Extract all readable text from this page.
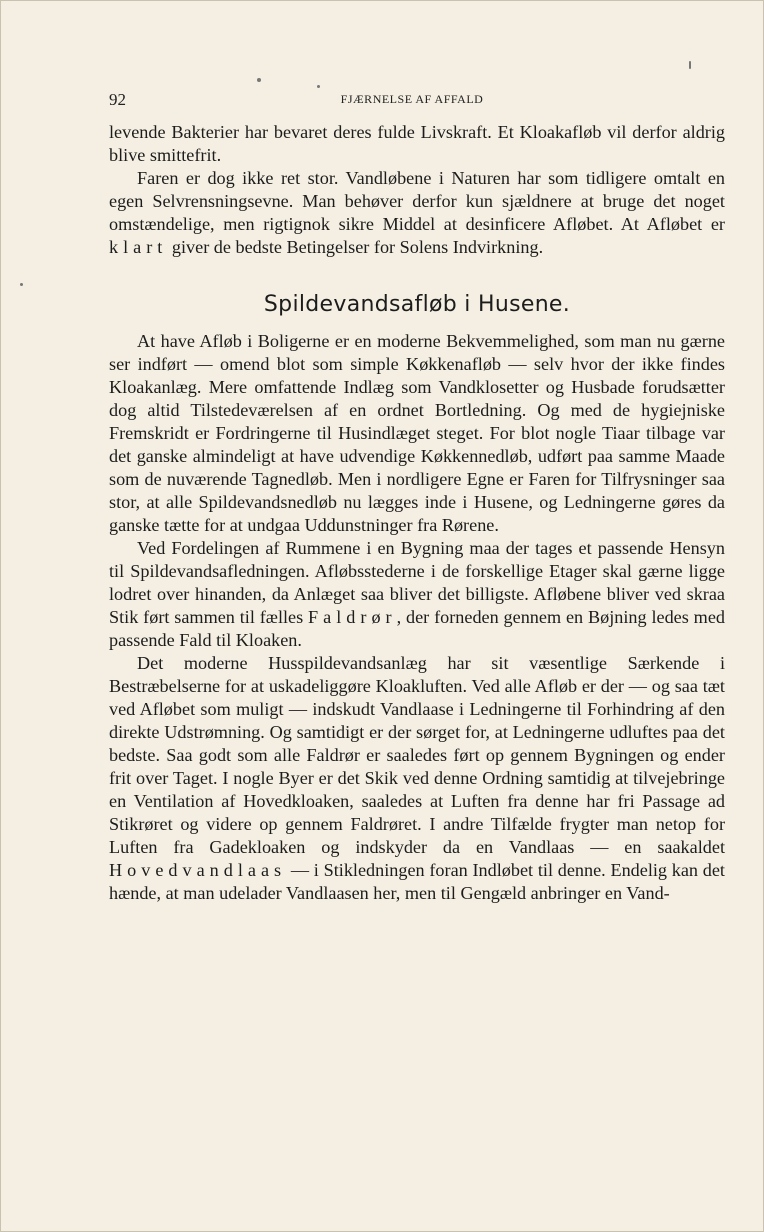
92	FJÆRNELSE AF AFFALD

levende Bakterier har bevaret deres fulde Livskraft. Et Kloakafløb vil derfor aldrig blive smittefrit.

Faren er dog ikke ret stor. Vandløbene i Naturen har som tidligere omtalt en egen Selvrensningsevne. Man behøver derfor kun sjældnere at bruge det noget omstændelige, men rigtignok sikre Middel at desinficere Afløbet. At Afløbet er klart giver de bedste Betingelser for Solens Indvirkning.

Spildevandsafløb i Husene.

At have Afløb i Boligerne er en moderne Bekvemmelighed, som man nu gærne ser indført — omend blot som simple Køkkenafløb — selv hvor der ikke findes Kloakanlæg. Mere omfattende Indlæg som Vandklosetter og Husbade forudsætter dog altid Tilstedeværelsen af en ordnet Bortledning. Og med de hygiejniske Fremskridt er Fordringerne til Husindlæget steget. For blot nogle Tiaar tilbage var det ganske almindeligt at have udvendige Køkkennedløb, udført paa samme Maade som de nuværende Tagnedløb. Men i nordligere Egne er Faren for Tilfrysninger saa stor, at alle Spildevandsnedløb nu lægges inde i Husene, og Ledningerne gøres da ganske tætte for at undgaa Uddunstninger fra Rørene.

Ved Fordelingen af Rummene i en Bygning maa der tages et passende Hensyn til Spildevandsafledningen. Afløbsstederne i de forskellige Etager skal gærne ligge lodret over hinanden, da Anlæget saa bliver det billigste. Afløbene bliver ved skraa Stik ført sammen til fælles Faldrør, der forneden gennem en Bøjning ledes med passende Fald til Kloaken.

Det moderne Husspildevandsanlæg har sit væsentlige Særkende i Bestræbelserne for at uskadeliggøre Kloakluften. Ved alle Afløb er der — og saa tæt ved Afløbet som muligt — indskudt Vandlaase i Ledningerne til Forhindring af den direkte Udstrømning. Og samtidigt er der sørget for, at Ledningerne udluftes paa det bedste. Saa godt som alle Faldrør er saaledes ført op gennem Bygningen og ender frit over Taget. I nogle Byer er det Skik ved denne Ordning samtidig at tilvejebringe en Ventilation af Hovedkloaken, saaledes at Luften fra denne har fri Passage ad Stikrøret og videre op gennem Faldrøret. I andre Tilfælde frygter man netop for Luften fra Gadekloaken og indskyder da en Vandlaas — en saakaldet Hovedvandlaas — i Stikledningen foran Indløbet til denne. Endelig kan det hænde, at man udelader Vandlaasen her, men til Gengæld anbringer en Vand-
